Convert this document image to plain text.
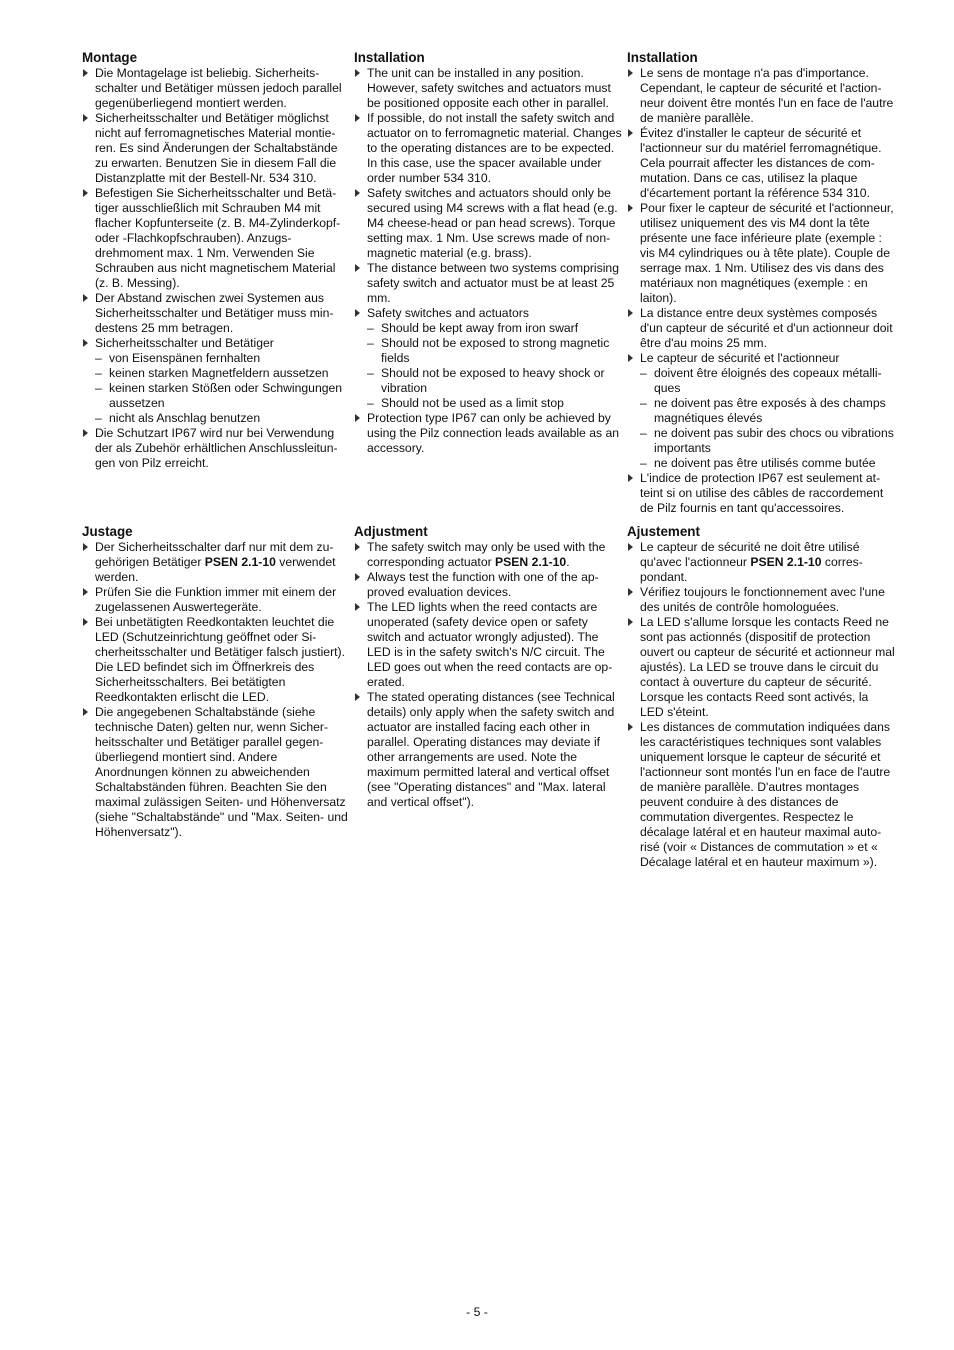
Montage
Die Montagelage ist beliebig. Sicherheitsschalter und Betätiger müssen jedoch parallel gegenüberliegend montiert werden.
Sicherheitsschalter und Betätiger möglichst nicht auf ferromagnetisches Material montieren. Es sind Änderungen der Schaltabstände zu erwarten. Benutzen Sie in diesem Fall die Distanzplatte mit der Bestell-Nr. 534 310.
Befestigen Sie Sicherheitsschalter und Betätiger ausschließlich mit Schrauben M4 mit flacher Kopfunterseite (z. B. M4-Zylinderkopf- oder -Flachkopfschrauben). Anzugsdrehmoment max. 1 Nm. Verwenden Sie Schrauben aus nicht magnetischem Material (z. B. Messing).
Der Abstand zwischen zwei Systemen aus Sicherheitsschalter und Betätiger muss mindestens 25 mm betragen.
Sicherheitsschalter und Betätiger
– von Eisenspänen fernhalten
– keinen starken Magnetfeldern aussetzen
– keinen starken Stößen oder Schwingungen aussetzen
– nicht als Anschlag benutzen
Die Schutzart IP67 wird nur bei Verwendung der als Zubehör erhältlichen Anschlussleitungen von Pilz erreicht.
Installation
The unit can be installed in any position. However, safety switches and actuators must be positioned opposite each other in parallel.
If possible, do not install the safety switch and actuator on to ferromagnetic material. Changes to the operating distances are to be expected. In this case, use the spacer available under order number 534 310.
Safety switches and actuators should only be secured using M4 screws with a flat head (e.g. M4 cheese-head or pan head screws). Torque setting max. 1 Nm. Use screws made of non-magnetic material (e.g. brass).
The distance between two systems comprising safety switch and actuator must be at least 25 mm.
Safety switches and actuators
– Should be kept away from iron swarf
– Should not be exposed to strong magnetic fields
– Should not be exposed to heavy shock or vibration
– Should not be used as a limit stop
Protection type IP67 can only be achieved by using the Pilz connection leads available as an accessory.
Installation
Le sens de montage n'a pas d'importance. Cependant, le capteur de sécurité et l'actionneur doivent être montés l'un en face de l'autre de manière parallèle.
Évitez d'installer le capteur de sécurité et l'actionneur sur du matériel ferromagnétique. Cela pourrait affecter les distances de commutation. Dans ce cas, utilisez la plaque d'écartement portant la référence 534 310.
Pour fixer le capteur de sécurité et l'actionneur, utilisez uniquement des vis M4 dont la tête présente une face inférieure plate (exemple : vis M4 cylindriques ou à tête plate). Couple de serrage max. 1 Nm. Utilisez des vis dans des matériaux non magnétiques (exemple : en laiton).
La distance entre deux systèmes composés d'un capteur de sécurité et d'un actionneur doit être d'au moins 25 mm.
Le capteur de sécurité et l'actionneur
– doivent être éloignés des copeaux métalliques
– ne doivent pas être exposés à des champs magnétiques élevés
– ne doivent pas subir des chocs ou vibrations importants
– ne doivent pas être utilisés comme butée
L'indice de protection IP67 est seulement atteint si on utilise des câbles de raccordement de Pilz fournis en tant qu'accessoires.
Justage
Der Sicherheitsschalter darf nur mit dem zugehörigen Betätiger PSEN 2.1-10 verwendet werden.
Prüfen Sie die Funktion immer mit einem der zugelassenen Auswertegeräte.
Bei unbetätigten Reedkontakten leuchtet die LED (Schutzeinrichtung geöffnet oder Sicherheitsschalter und Betätiger falsch justiert). Die LED befindet sich im Öffnerkreis des Sicherheitsschalters. Bei betätigten Reedkontakten erlischt die LED.
Die angegebenen Schaltabstände (siehe technische Daten) gelten nur, wenn Sicherheitsschalter und Betätiger parallel gegenüberliegend montiert sind. Andere Anordnungen können zu abweichenden Schaltabständen führen. Beachten Sie den maximal zulässigen Seiten- und Höhenversatz (siehe "Schaltabstände" und "Max. Seiten- und Höhenversatz").
Adjustment
The safety switch may only be used with the corresponding actuator PSEN 2.1-10.
Always test the function with one of the approved evaluation devices.
The LED lights when the reed contacts are unoperated (safety device open or safety switch and actuator wrongly adjusted). The LED is in the safety switch's N/C circuit. The LED goes out when the reed contacts are operated.
The stated operating distances (see Technical details) only apply when the safety switch and actuator are installed facing each other in parallel. Operating distances may deviate if other arrangements are used. Note the maximum permitted lateral and vertical offset (see "Operating distances" and "Max. lateral and vertical offset").
Ajustement
Le capteur de sécurité ne doit être utilisé qu'avec l'actionneur PSEN 2.1-10 correspondant.
Vérifiez toujours le fonctionnement avec l'une des unités de contrôle homologuées.
La LED s'allume lorsque les contacts Reed ne sont pas actionnés (dispositif de protection ouvert ou capteur de sécurité et actionneur mal ajustés). La LED se trouve dans le circuit du contact à ouverture du capteur de sécurité. Lorsque les contacts Reed sont activés, la LED s'éteint.
Les distances de commutation indiquées dans les caractéristiques techniques sont valables uniquement lorsque le capteur de sécurité et l'actionneur sont montés l'un en face de l'autre de manière parallèle. D'autres montages peuvent conduire à des distances de commutation divergentes. Respectez le décalage latéral et en hauteur maximal autorisé (voir « Distances de commutation » et « Décalage latéral et en hauteur maximum »).
- 5 -
